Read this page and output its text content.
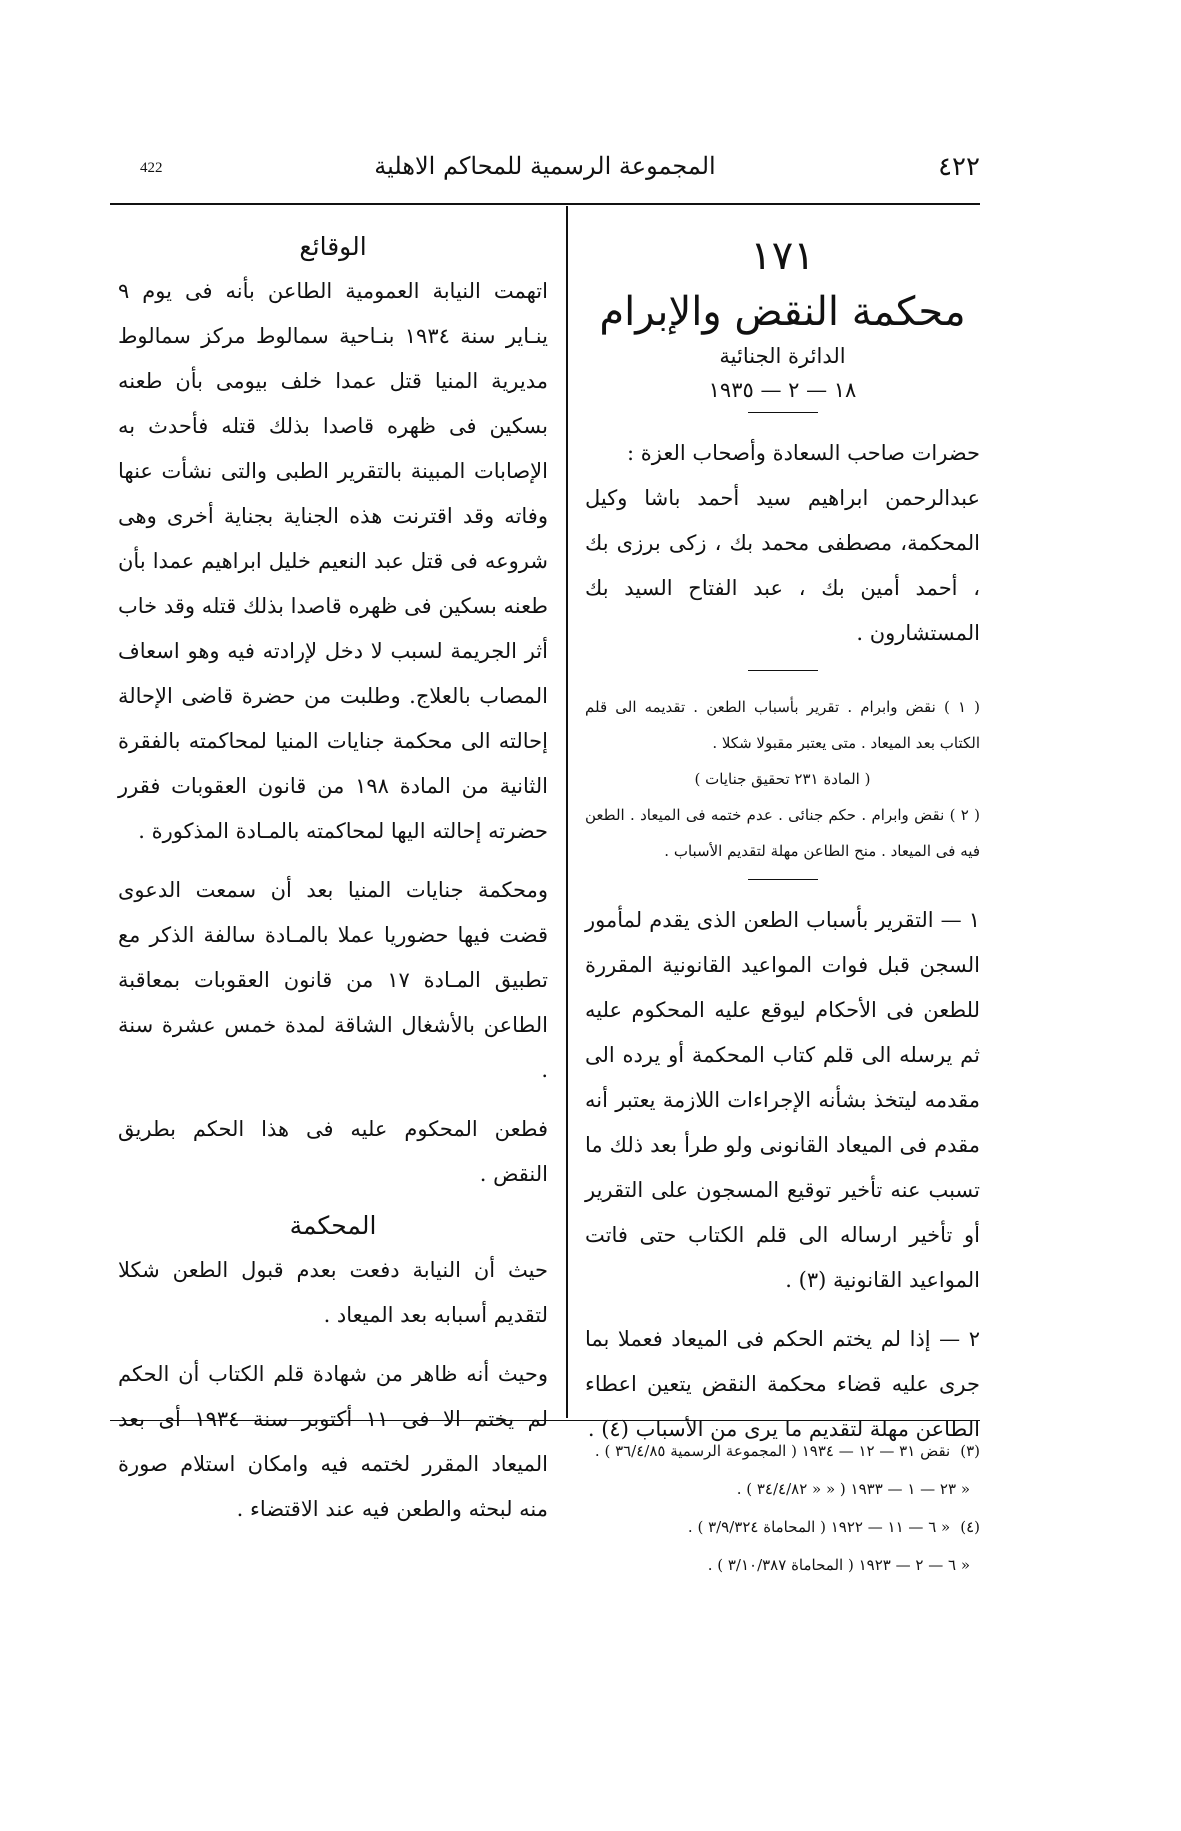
422	المجموعة الرسمية للمحاكم الاهلية	٤٢٢
١٧١
محكمة النقض والإبرام
الدائرة الجنائية
١٨ — ٢ — ١٩٣٥

حضرات صاحب السعادة وأصحاب العزة :

عبدالرحمن ابراهيم سيد أحمد باشا وكيل المحكمة، مصطفى محمد بك ، زكى برزى بك ، أحمد أمين بك ، عبد الفتاح السيد بك المستشارون .

( ١ ) نقض وابرام . تقرير بأسباب الطعن . تقديمه الى قلم الكتاب بعد الميعاد . متى يعتبر مقبولا شكلا .

( المادة ٢٣١ تحقيق جنايات )

( ٢ ) نقض وابرام . حكم جنائى . عدم ختمه فى الميعاد . الطعن فيه فى الميعاد . منح الطاعن مهلة لتقديم الأسباب .

١ — التقرير بأسباب الطعن الذى يقدم لمأمور السجن قبل فوات المواعيد القانونية المقررة للطعن فى الأحكام ليوقع عليه المحكوم عليه ثم يرسله الى قلم كتاب المحكمة أو يرده الى مقدمه ليتخذ بشأنه الإجراءات اللازمة يعتبر أنه مقدم فى الميعاد القانونى ولو طرأ بعد ذلك ما تسبب عنه تأخير توقيع المسجون على التقرير أو تأخير ارساله الى قلم الكتاب حتى فاتت المواعيد القانونية (٣) .

٢ — إذا لم يختم الحكم فى الميعاد فعملا بما جرى عليه قضاء محكمة النقض يتعين اعطاء الطاعن مهلة لتقديم ما يرى من الأسباب (٤) .

الوقائع

اتهمت النيابة العمومية الطاعن بأنه فى يوم ٩ ينـاير سنة ١٩٣٤ بنـاحية سمالوط مركز سمالوط مديرية المنيا قتل عمدا خلف بيومى بأن طعنه بسكين فى ظهره قاصدا بذلك قتله فأحدث به الإصابات المبينة بالتقرير الطبى والتى نشأت عنها وفاته وقد اقترنت هذه الجناية بجناية أخرى وهى شروعه فى قتل عبد النعيم خليل ابراهيم عمدا بأن طعنه بسكين فى ظهره قاصدا بذلك قتله وقد خاب أثر الجريمة لسبب لا دخل لإرادته فيه وهو اسعاف المصاب بالعلاج. وطلبت من حضرة قاضى الإحالة إحالته الى محكمة جنايات المنيا لمحاكمته بالفقرة الثانية من المادة ١٩٨ من قانون العقوبات فقرر حضرته إحالته اليها لمحاكمته بالمـادة المذكورة .

ومحكمة جنايات المنيا بعد أن سمعت الدعوى قضت فيها حضوريا عملا بالمـادة سالفة الذكر مع تطبيق المـادة ١٧ من قانون العقوبات بمعاقبة الطاعن بالأشغال الشاقة لمدة خمس عشرة سنة .

فطعن المحكوم عليه فى هذا الحكم بطريق النقض .

المحكمة

حيث أن النيابة دفعت بعدم قبول الطعن شكلا لتقديم أسبابه بعد الميعاد .

وحيث أنه ظاهر من شهادة قلم الكتاب أن الحكم لم يختم الا فى ١١ أكتوبر سنة ١٩٣٤ أى بعد الميعاد المقرر لختمه فيه وامكان استلام صورة منه لبحثه والطعن فيه عند الاقتضاء .

(٣)نقض ٣١ — ١٢ — ١٩٣٤ ( المجموعة الرسمية ٣٦/٤/٨٥ ) .
« ٢٣ — ١ — ١٩٣٣ ( « « ٣٤/٤/٨٢ ) .
(٤)« ٦ — ١١ — ١٩٢٢ ( المحاماة ٣/٩/٣٢٤ ) .
« ٦ — ٢ — ١٩٢٣ ( المحاماة ٣/١٠/٣٨٧ ) .
